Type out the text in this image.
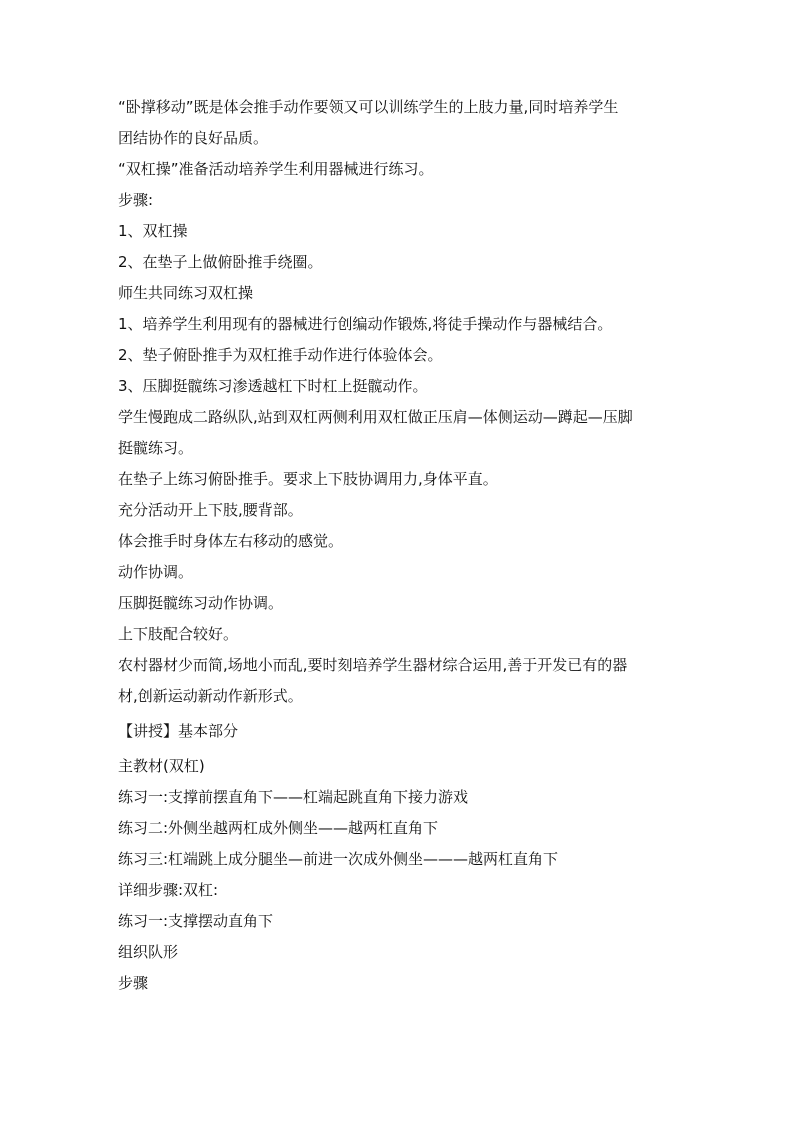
“卧撑移动”既是体会推手动作要领又可以训练学生的上肢力量,同时培养学生
团结协作的良好品质。
“双杠操”准备活动培养学生利用器械进行练习。
步骤:
1、双杠操
2、在垫子上做俯卧推手绕圈。
师生共同练习双杠操
1、培养学生利用现有的器械进行创编动作锻炼,将徒手操动作与器械结合。
2、垫子俯卧推手为双杠推手动作进行体验体会。
3、压脚挺髋练习渗透越杠下时杠上挺髋动作。
学生慢跑成二路纵队,站到双杠两侧利用双杠做正压肩—体侧运动—蹲起—压脚
挺髋练习。
在垫子上练习俯卧推手。要求上下肢协调用力,身体平直。
充分活动开上下肢,腰背部。
体会推手时身体左右移动的感觉。
动作协调。
压脚挺髋练习动作协调。
上下肢配合较好。
农村器材少而简,场地小而乱,要时刻培养学生器材综合运用,善于开发已有的器
材,创新运动新动作新形式。
【讲授】基本部分
主教材(双杠)
练习一:支撑前摆直角下——杠端起跳直角下接力游戏
练习二:外侧坐越两杠成外侧坐——越两杠直角下
练习三:杠端跳上成分腿坐—前进一次成外侧坐———越两杠直角下
详细步骤:双杠:
练习一:支撑摆动直角下
组织队形
步骤
